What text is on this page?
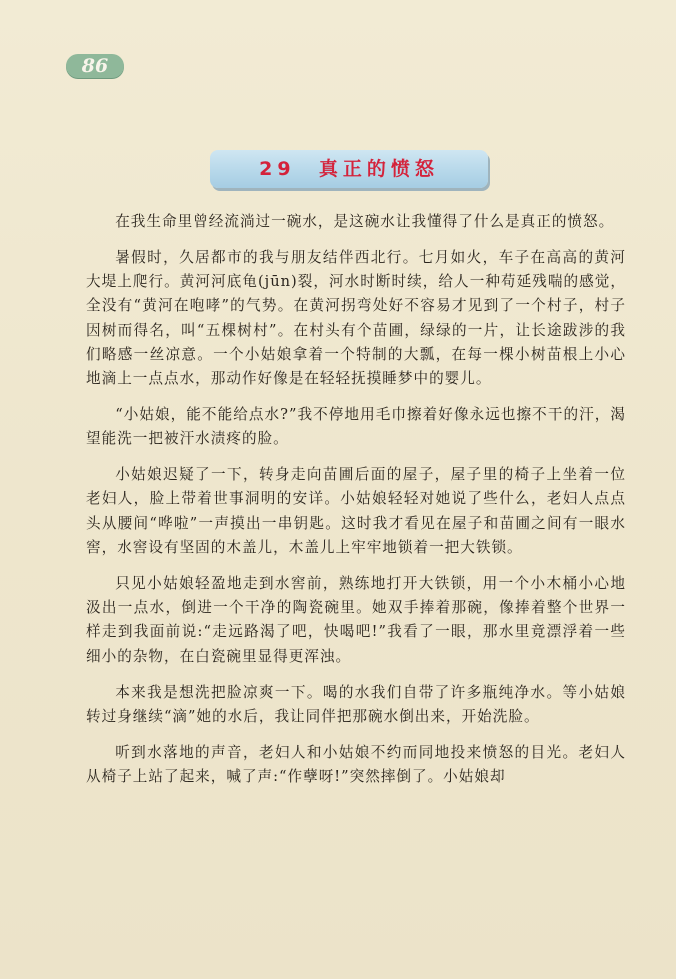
86
29 真正的愤怒

在我生命里曾经流淌过一碗水，是这碗水让我懂得了什么是真正的愤怒。

暑假时，久居都市的我与朋友结伴西北行。七月如火，车子在高高的黄河大堤上爬行。黄河河底龟(jūn)裂，河水时断时续，给人一种苟延残喘的感觉，全没有“黄河在咆哮”的气势。在黄河拐弯处好不容易才见到了一个村子，村子因树而得名，叫“五棵树村”。在村头有个苗圃，绿绿的一片，让长途跋涉的我们略感一丝凉意。一个小姑娘拿着一个特制的大瓢，在每一棵小树苗根上小心地滴上一点点水，那动作好像是在轻轻抚摸睡梦中的婴儿。

“小姑娘，能不能给点水?”我不停地用毛巾擦着好像永远也擦不干的汗，渴望能洗一把被汗水渍疼的脸。

小姑娘迟疑了一下，转身走向苗圃后面的屋子，屋子里的椅子上坐着一位老妇人，脸上带着世事洞明的安详。小姑娘轻轻对她说了些什么，老妇人点点头从腰间“哗啦”一声摸出一串钥匙。这时我才看见在屋子和苗圃之间有一眼水窖，水窖设有坚固的木盖儿，木盖儿上牢牢地锁着一把大铁锁。

只见小姑娘轻盈地走到水窖前，熟练地打开大铁锁，用一个小木桶小心地汲出一点水，倒进一个干净的陶瓷碗里。她双手捧着那碗，像捧着整个世界一样走到我面前说:“走远路渴了吧，快喝吧!”我看了一眼，那水里竟漂浮着一些细小的杂物，在白瓷碗里显得更浑浊。

本来我是想洗把脸凉爽一下。喝的水我们自带了许多瓶纯净水。等小姑娘转过身继续“滴”她的水后，我让同伴把那碗水倒出来，开始洗脸。

听到水落地的声音，老妇人和小姑娘不约而同地投来愤怒的目光。老妇人从椅子上站了起来，喊了声:“作孽呀!”突然摔倒了。小姑娘却
